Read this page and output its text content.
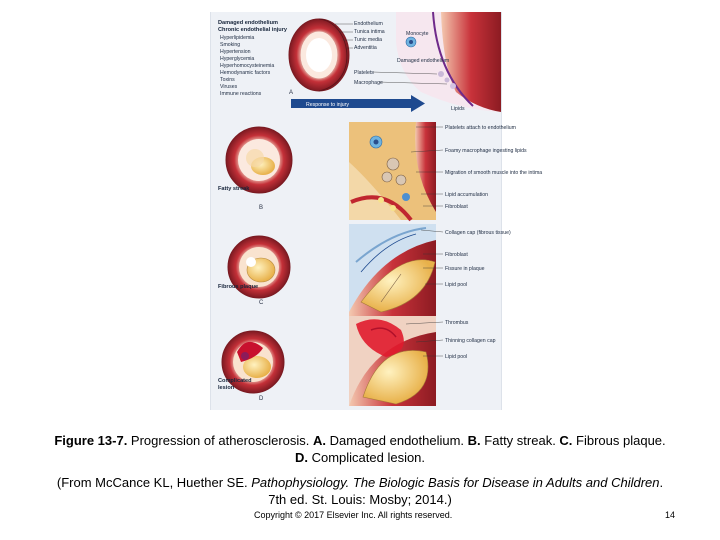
Damaged endothelium
Chronic endothelial injury
Hyperlipidemia
Smoking
Hypertension
Hyperglycemia
Hyperhomocysteinemia
Hemodynamic factors
Toxins
Viruses
Immune reactions
Endothelium
Tunica intima
Tunic media
Adventitia
Monocyte
Damaged endothelium
Platelets
Macrophage
Lipids
A
Response to injury
Fatty streak
B
Platelets attach to endothelium
Foamy macrophage ingesting lipids
Migration of smooth muscle into the intima
Lipid accumulation
Fibroblast
Fibrous plaque
C
Collagen cap (fibrous tissue)
Fibroblast
Fissure in plaque
Lipid pool
Complicated
lesion
D
Thrombus
Thinning collagen cap
Lipid pool
Figure 13-7. Progression of atherosclerosis. A. Damaged endothelium. B. Fatty streak. C. Fibrous plaque.
D. Complicated lesion.
(From McCance KL, Huether SE. Pathophysiology. The Biologic Basis for Disease in Adults and Children.
7th ed. St. Louis: Mosby; 2014.)
Copyright © 2017 Elsevier Inc. All rights reserved.	14
